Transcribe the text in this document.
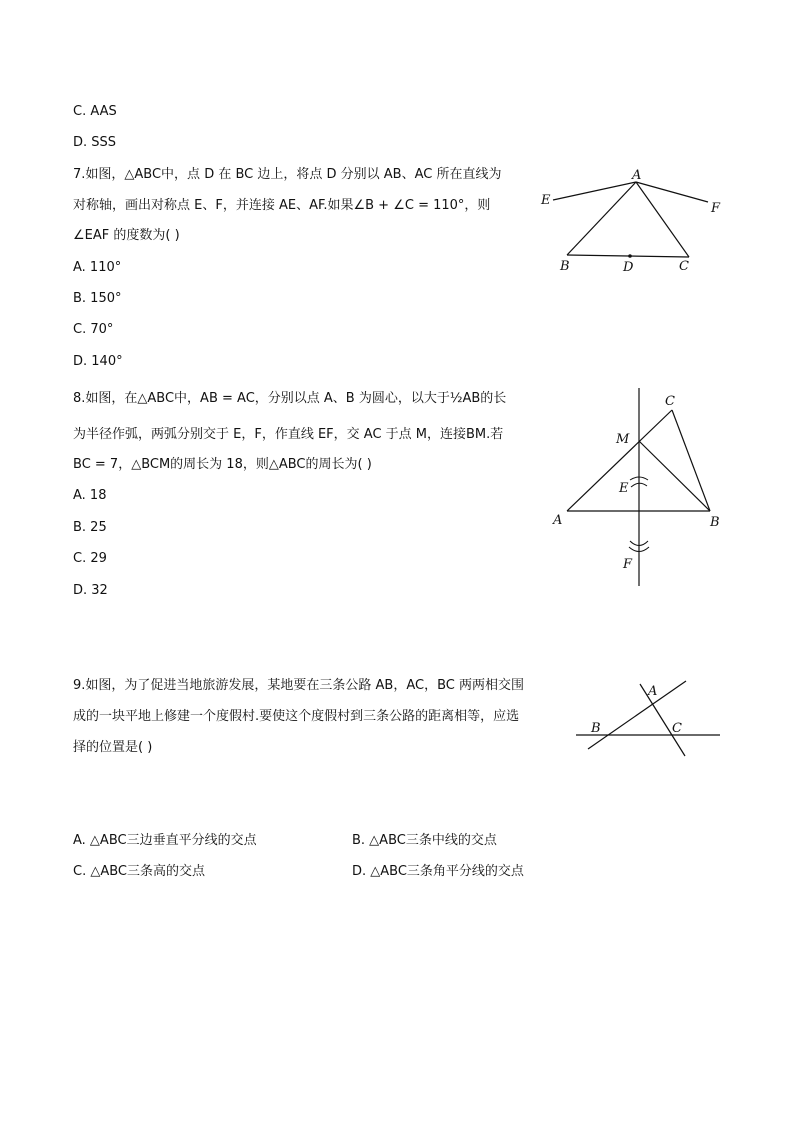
C. AAS
D. SSS
7.如图，△ABC中，点 D 在 BC 边上，将点 D 分别以 AB、AC 所在直线为
对称轴，画出对称点 E、F，并连接 AE、AF.如果∠B + ∠C = 110°，则
∠EAF 的度数为( )
A. 110°
B. 150°
C. 70°
D. 140°
A
E
F
B	D	C
8.如图，在△ABC中，AB = AC，分别以点 A、B 为圆心，以大于½AB的长
为半径作弧，两弧分别交于 E，F，作直线 EF，交 AC 于点 M，连接BM.若
BC = 7，△BCM的周长为 18，则△ABC的周长为( )
A. 18
B. 25
C. 29
D. 32
C
M
E
A	B
F
9.如图，为了促进当地旅游发展，某地要在三条公路 AB，AC，BC 两两相交围
成的一块平地上修建一个度假村.要使这个度假村到三条公路的距离相等，应选
择的位置是( )
A
B	C
A. △ABC三边垂直平分线的交点	B. △ABC三条中线的交点
C. △ABC三条高的交点	D. △ABC三条角平分线的交点
